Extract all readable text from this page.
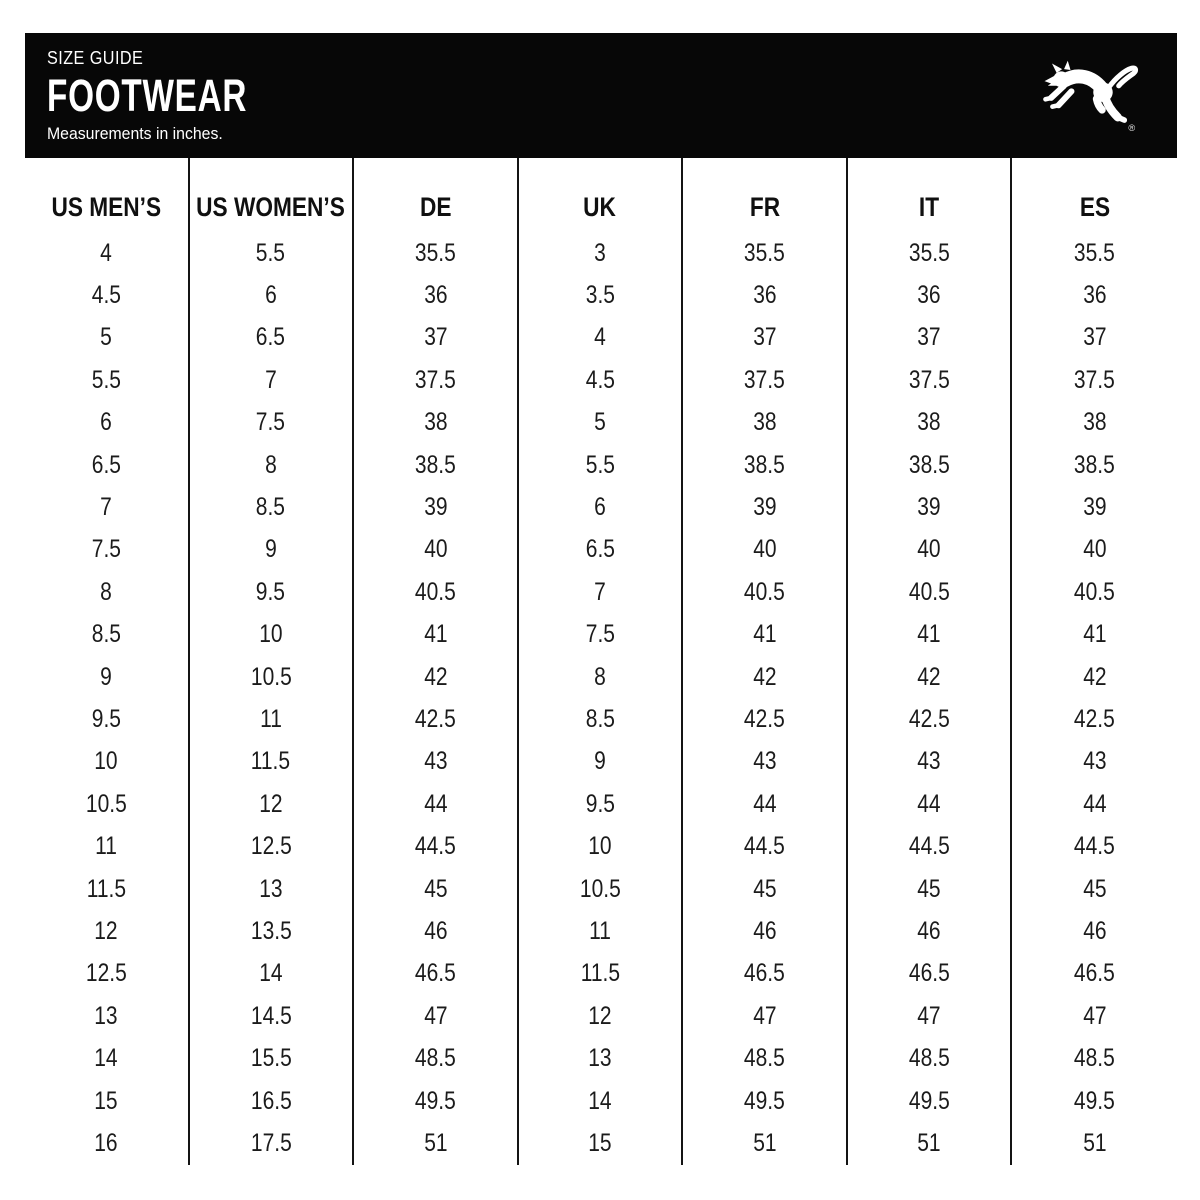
SIZE GUIDE
FOOTWEAR
Measurements in inches.	®
US MEN’S
4
4.5
5
5.5
6
6.5
7
7.5
8
8.5
9
9.5
10
10.5
11
11.5
12
12.5
13
14
15
16
US WOMEN’S
5.5
6
6.5
7
7.5
8
8.5
9
9.5
10
10.5
11
11.5
12
12.5
13
13.5
14
14.5
15.5
16.5
17.5
DE
35.5
36
37
37.5
38
38.5
39
40
40.5
41
42
42.5
43
44
44.5
45
46
46.5
47
48.5
49.5
51
UK
3
3.5
4
4.5
5
5.5
6
6.5
7
7.5
8
8.5
9
9.5
10
10.5
11
11.5
12
13
14
15
FR
35.5
36
37
37.5
38
38.5
39
40
40.5
41
42
42.5
43
44
44.5
45
46
46.5
47
48.5
49.5
51
IT
35.5
36
37
37.5
38
38.5
39
40
40.5
41
42
42.5
43
44
44.5
45
46
46.5
47
48.5
49.5
51
ES
35.5
36
37
37.5
38
38.5
39
40
40.5
41
42
42.5
43
44
44.5
45
46
46.5
47
48.5
49.5
51
